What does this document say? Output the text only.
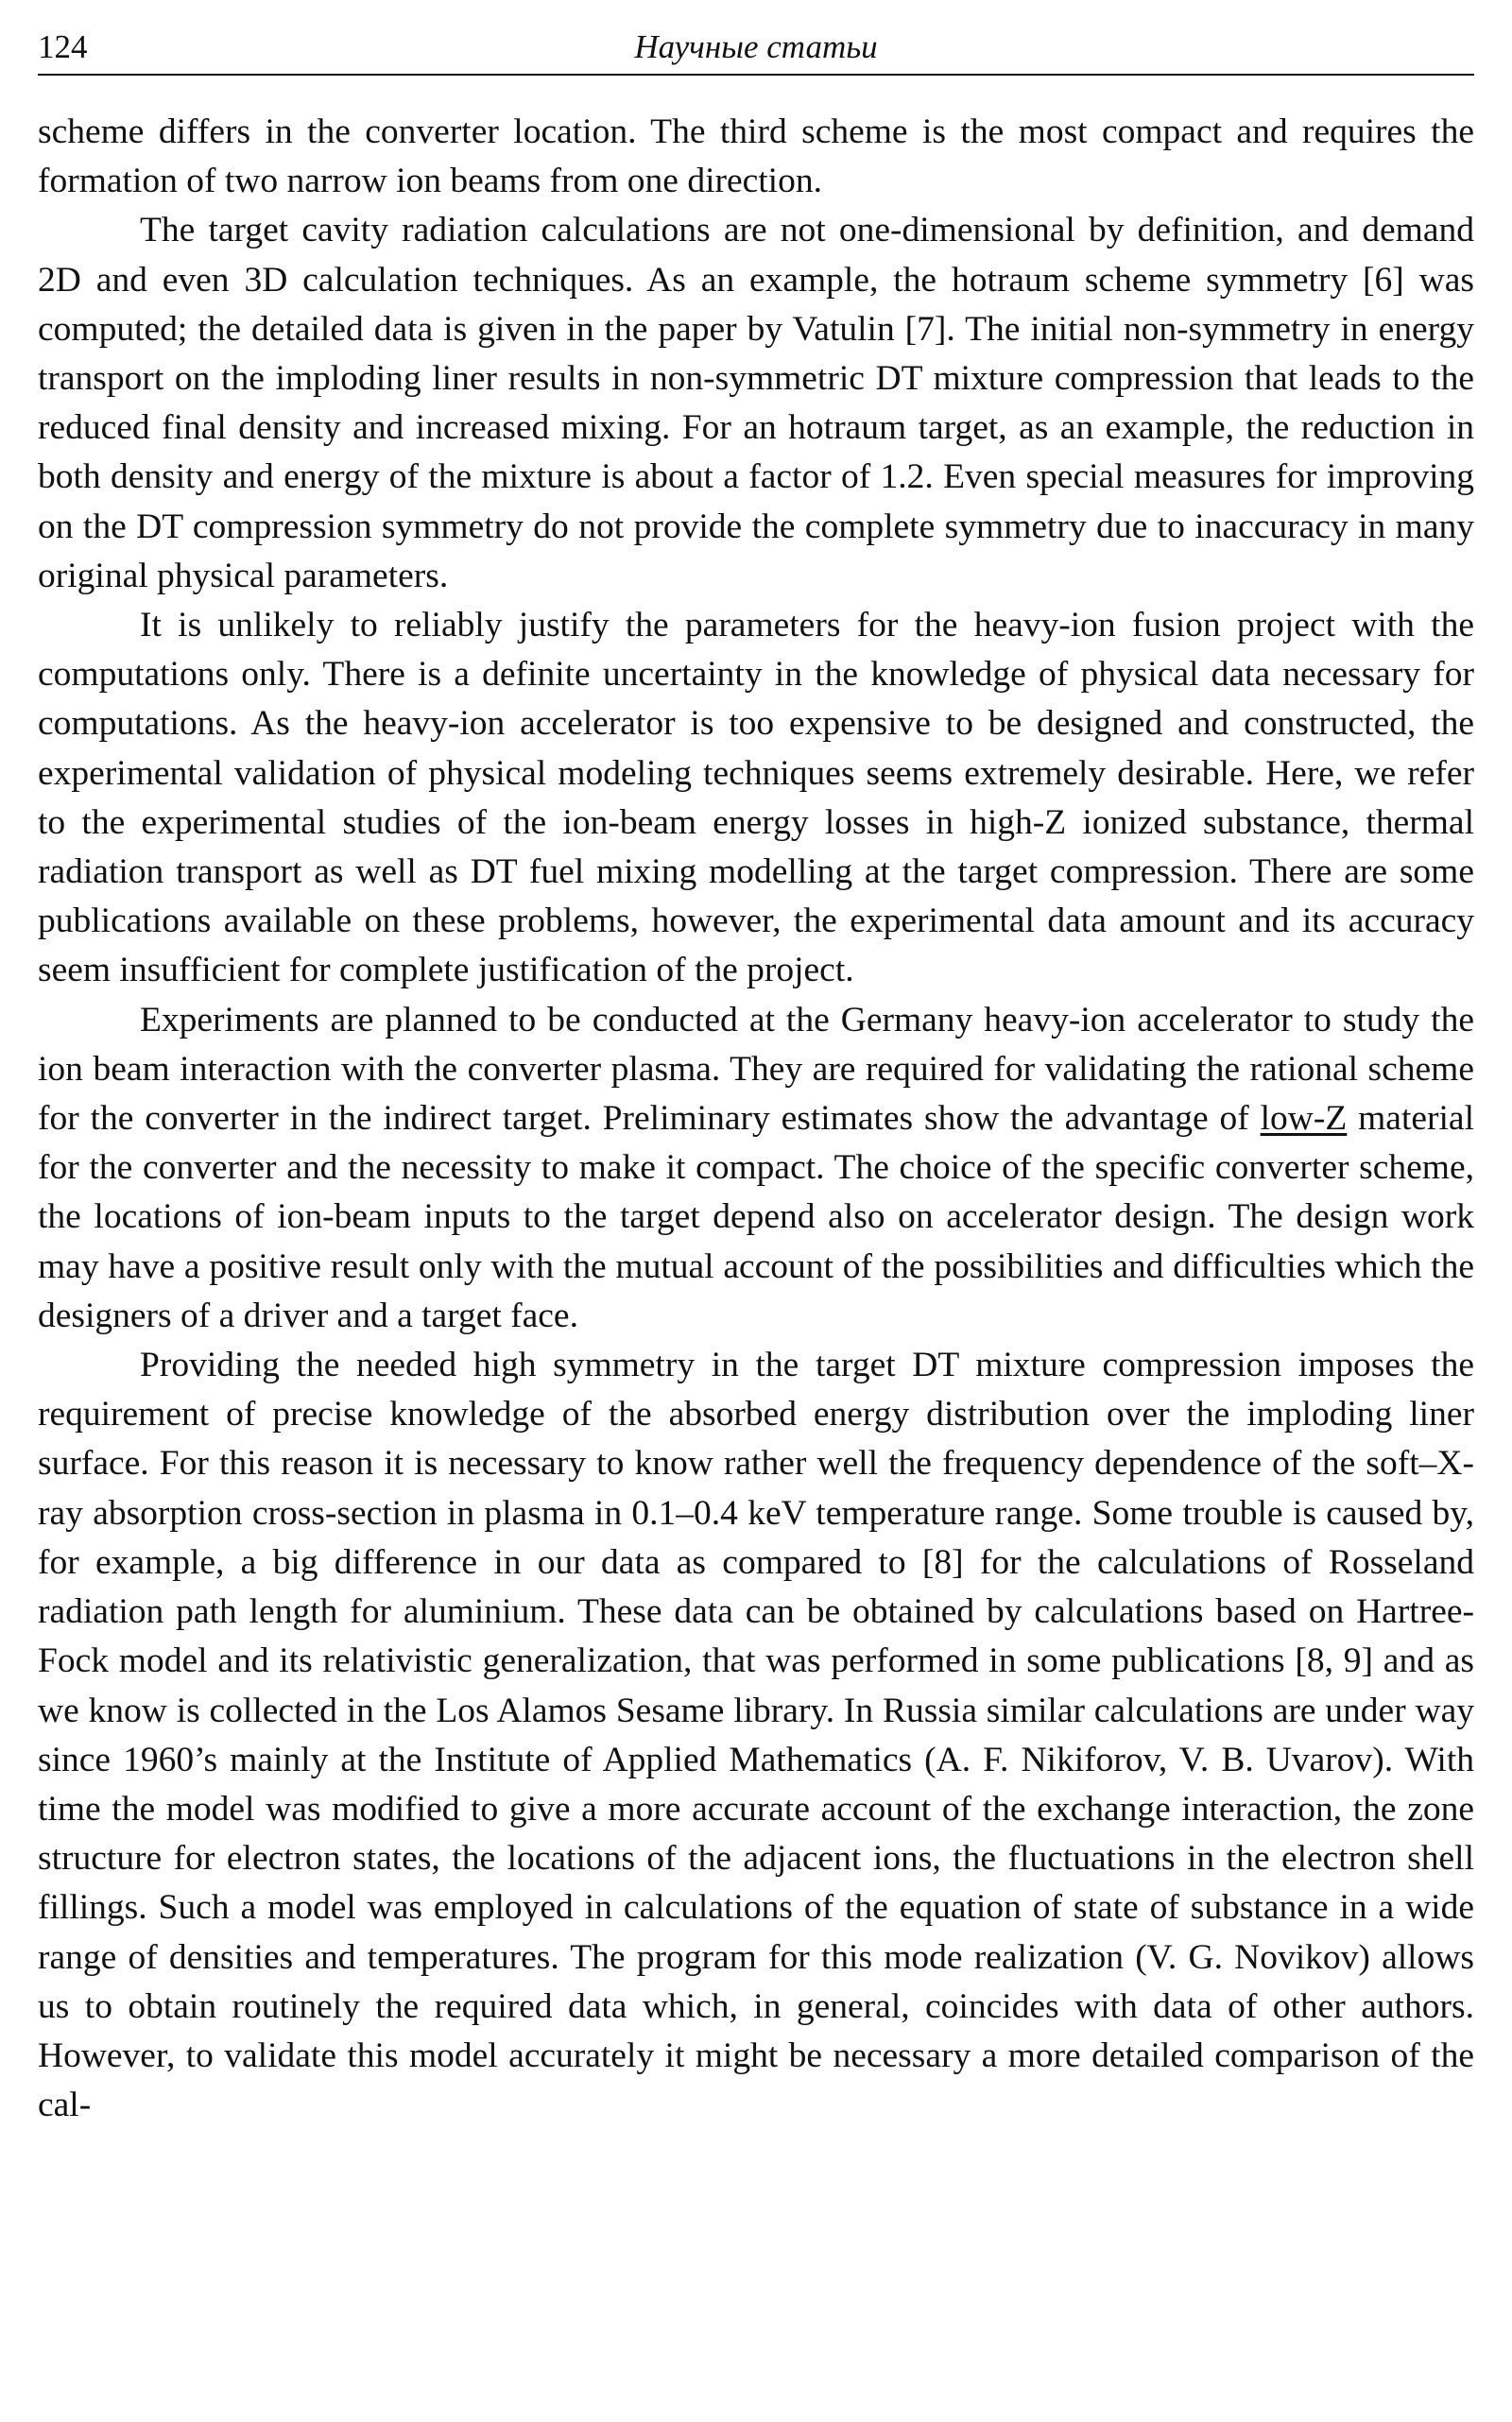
124	Научные статьи

scheme differs in the converter location. The third scheme is the most compact and requires the formation of two narrow ion beams from one direction.

The target cavity radiation calculations are not one-dimensional by definition, and demand 2D and even 3D calculation techniques. As an example, the hotraum scheme symmetry [6] was computed; the detailed data is given in the paper by Vatulin [7]. The initial non-symmetry in energy transport on the imploding liner results in non-symmetric DT mixture compression that leads to the reduced final density and increased mixing. For an hotraum target, as an example, the reduction in both density and energy of the mixture is about a factor of 1.2. Even special measures for improving on the DT compression symmetry do not provide the complete symmetry due to inaccuracy in many original physical parameters.

It is unlikely to reliably justify the parameters for the heavy-ion fusion project with the computations only. There is a definite uncertainty in the knowledge of physical data necessary for computations. As the heavy-ion accelerator is too expensive to be designed and constructed, the experimental validation of physical modeling techniques seems extremely desirable. Here, we refer to the experimental studies of the ion-beam energy losses in high-Z ionized substance, thermal radiation transport as well as DT fuel mixing modelling at the target compression. There are some publications available on these problems, however, the experimental data amount and its accuracy seem insufficient for complete justification of the project.

Experiments are planned to be conducted at the Germany heavy-ion accelerator to study the ion beam interaction with the converter plasma. They are required for validating the rational scheme for the converter in the indirect target. Preliminary estimates show the advantage of low-Z material for the converter and the necessity to make it compact. The choice of the specific converter scheme, the locations of ion-beam inputs to the target depend also on accelerator design. The design work may have a positive result only with the mutual account of the possibilities and difficulties which the designers of a driver and a target face.

Providing the needed high symmetry in the target DT mixture compression imposes the requirement of precise knowledge of the absorbed energy distribution over the imploding liner surface. For this reason it is necessary to know rather well the frequency dependence of the soft–X-ray absorption cross-section in plasma in 0.1–0.4 keV temperature range. Some trouble is caused by, for example, a big difference in our data as compared to [8] for the calculations of Rosseland radiation path length for aluminium. These data can be obtained by calculations based on Hartree-Fock model and its relativistic generalization, that was performed in some publications [8, 9] and as we know is collected in the Los Alamos Sesame library. In Russia similar calculations are under way since 1960’s mainly at the Institute of Applied Mathematics (A. F. Nikiforov, V. B. Uvarov). With time the model was modified to give a more accurate account of the exchange interaction, the zone structure for electron states, the locations of the adjacent ions, the fluctuations in the electron shell fillings. Such a model was employed in calculations of the equation of state of substance in a wide range of densities and temperatures. The program for this mode realization (V. G. Novikov) allows us to obtain routinely the required data which, in general, coincides with data of other authors. However, to validate this model accurately it might be necessary a more detailed comparison of the cal-
